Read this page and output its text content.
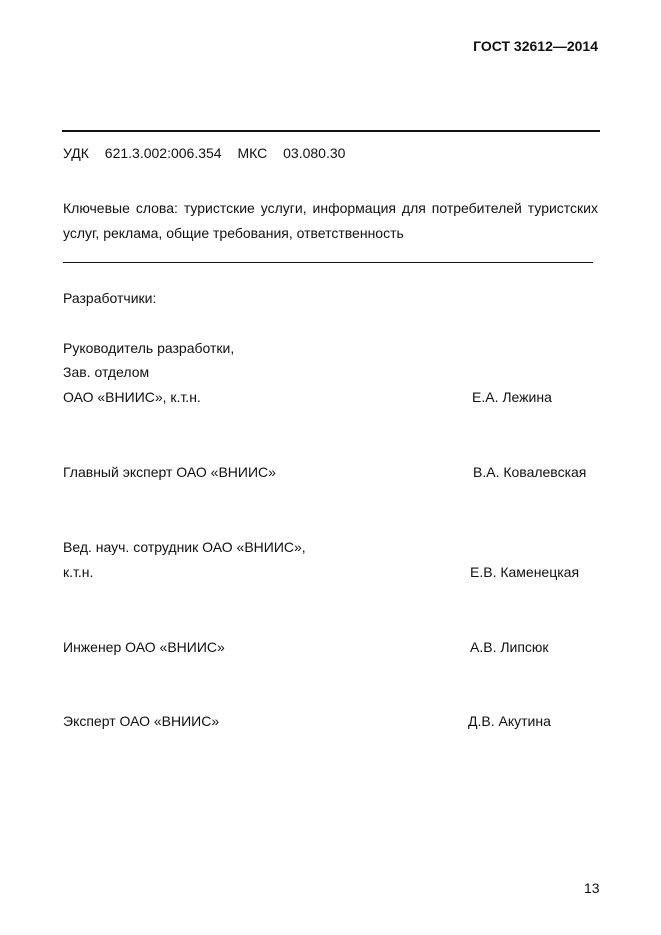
ГОСТ 32612—2014
УДК 621.3.002:006.354 МКС 03.080.30
Ключевые слова: туристские услуги, информация для потребителей туристских услуг, реклама, общие требования, ответственность
Разработчики:
Руководитель разработки,
Зав. отделом
ОАО «ВНИИС», к.т.н.	Е.А. Лежина
Главный эксперт ОАО «ВНИИС»	В.А. Ковалевская
Вед. науч. сотрудник ОАО «ВНИИС»,
к.т.н.	Е.В. Каменецкая
Инженер ОАО «ВНИИС»	А.В. Липсюк
Эксперт ОАО «ВНИИС»	Д.В. Акутина
13
